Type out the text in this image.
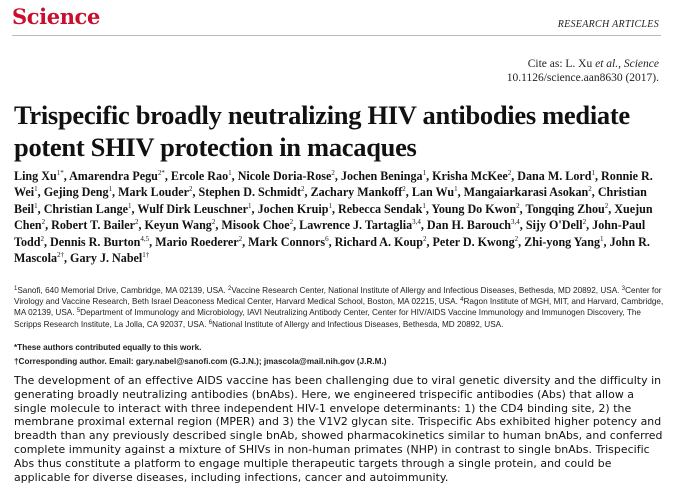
Science	RESEARCH ARTICLES
Cite as: L. Xu et al., Science
10.1126/science.aan8630 (2017).
Trispecific broadly neutralizing HIV antibodies mediate potent SHIV protection in macaques

Ling $Xu^{1*}$, Amarendra Pegu$^{2*}$, Ercole Rao$^1$, Nicole Doria-Rose$^2$, Jochen Beninga$^1$, Krisha McKee$^2$, Dana M. Lord$^1$, Ronnie R. Wei$^1$, Gejing Deng$^1$, Mark Louder$^2$, Stephen D. Schmidt$^2$, Zachary Mankoff$^2$, Lan Wu$^1$, Mangaiarkarasi Asokan$^2$, Christian Beil$^1$, Christian Lange$^1$, Wulf Dirk Leuschner$^1$, Jochen Kruip$^1$, Rebecca Sendak$^1$, Young Do Kwon$^2$, Tongqing Zhou$^2$, Xuejun Chen$^2$, Robert T. Bailer$^2$, Keyun Wang$^2$, Misook Choe$^2$, Lawrence J. Tartaglia$^{3,4}$, Dan H. Barouch$^{3,4}$, Sijy O'Dell$^2$, John-Paul Todd$^2$, Dennis R. Burton$^{4,5}$, Mario Roederer$^2$, Mark Connors$^6$, Richard A. Koup$^2$, Peter D. Kwong$^2$, Zhi-yong Yang$^1$, John R. Mascola$^{2\dagger}$, Gary J. Nabel$^{1\dagger}$

$^1$Sanofi, 640 Memorial Drive, Cambridge, MA 02139, USA. $^2$Vaccine Research Center, National Institute of Allergy and Infectious Diseases, Bethesda, MD 20892, USA. $^3$Center for Virology and Vaccine Research, Beth Israel Deaconess Medical Center, Harvard Medical School, Boston, MA 02215, USA. $^4$Ragon Institute of MGH, MIT, and Harvard, Cambridge, MA 02139, USA. $^5$Department of Immunology and Microbiology, IAVI Neutralizing Antibody Center, Center for HIV/AIDS Vaccine Immunology and Immunogen Discovery, The Scripps Research Institute, La Jolla, CA 92037, USA. $^6$National Institute of Allergy and Infectious Diseases, Bethesda, MD 20892, USA.

*These authors contributed equally to this work.
†Corresponding author. Email: gary.nabel@sanofi.com (G.J.N.); jmascola@mail.nih.gov (J.R.M.)

The development of an effective AIDS vaccine has been challenging due to viral genetic diversity and the difficulty in generating broadly neutralizing antibodies (bnAbs). Here, we engineered trispecific antibodies (Abs) that allow a single molecule to interact with three independent HIV-1 envelope determinants: 1) the CD4 binding site, 2) the membrane proximal external region (MPER) and 3) the V1V2 glycan site. Trispecific Abs exhibited higher potency and breadth than any previously described single bnAb, showed pharmacokinetics similar to human bnAbs, and conferred complete immunity against a mixture of SHIVs in non-human primates (NHP) in contrast to single bnAbs. Trispecific Abs thus constitute a platform to engage multiple therapeutic targets through a single protein, and could be applicable for diverse diseases, including infections, cancer and autoimmunity.
